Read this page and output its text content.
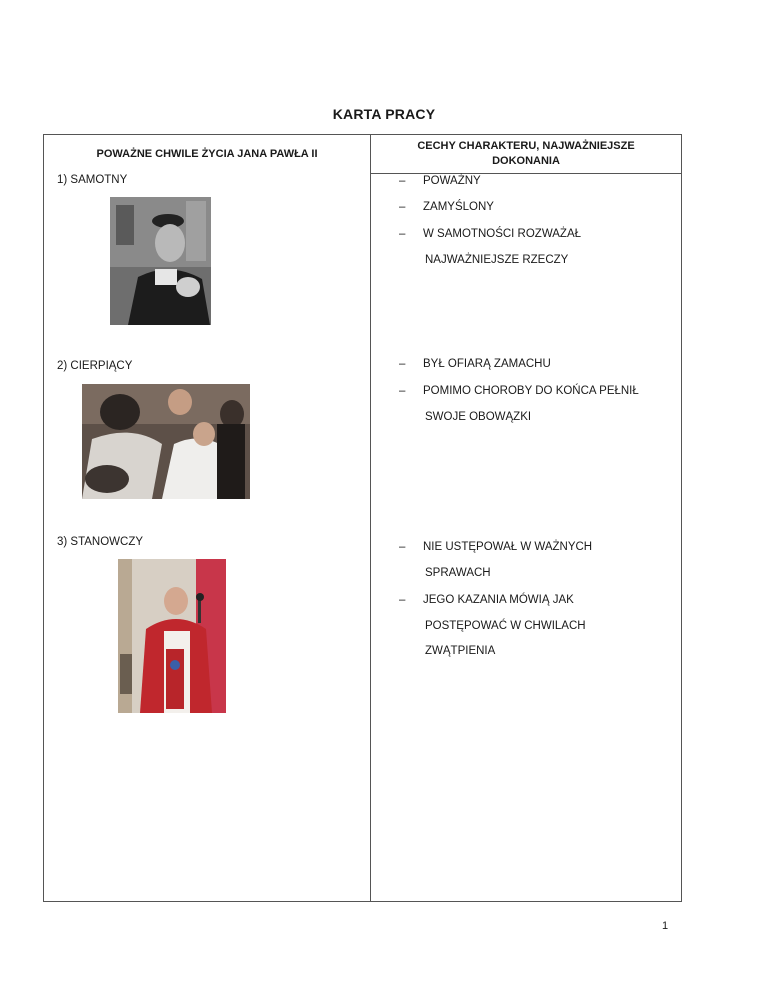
KARTA PRACY
POWAŻNE CHWILE ŻYCIA JANA PAWŁA II
CECHY CHARAKTERU, NAJWAŻNIEJSZE
DOKONANIA
1) SAMOTNY	– POWAŻNY
– ZAMYŚLONY
– W SAMOTNOŚCI ROZWAŻAŁ
NAJWAŻNIEJSZE RZECZY
2) CIERPIĄCY	– BYŁ OFIARĄ ZAMACHU
– POMIMO CHOROBY DO KOŃCA PEŁNIŁ
SWOJE OBOWĄZKI
3) STANOWCZY	– NIE USTĘPOWAŁ W WAŻNYCH
SPRAWACH
– JEGO KAZANIA MÓWIĄ JAK
POSTĘPOWAĆ W CHWILACH
ZWĄTPIENIA
1
